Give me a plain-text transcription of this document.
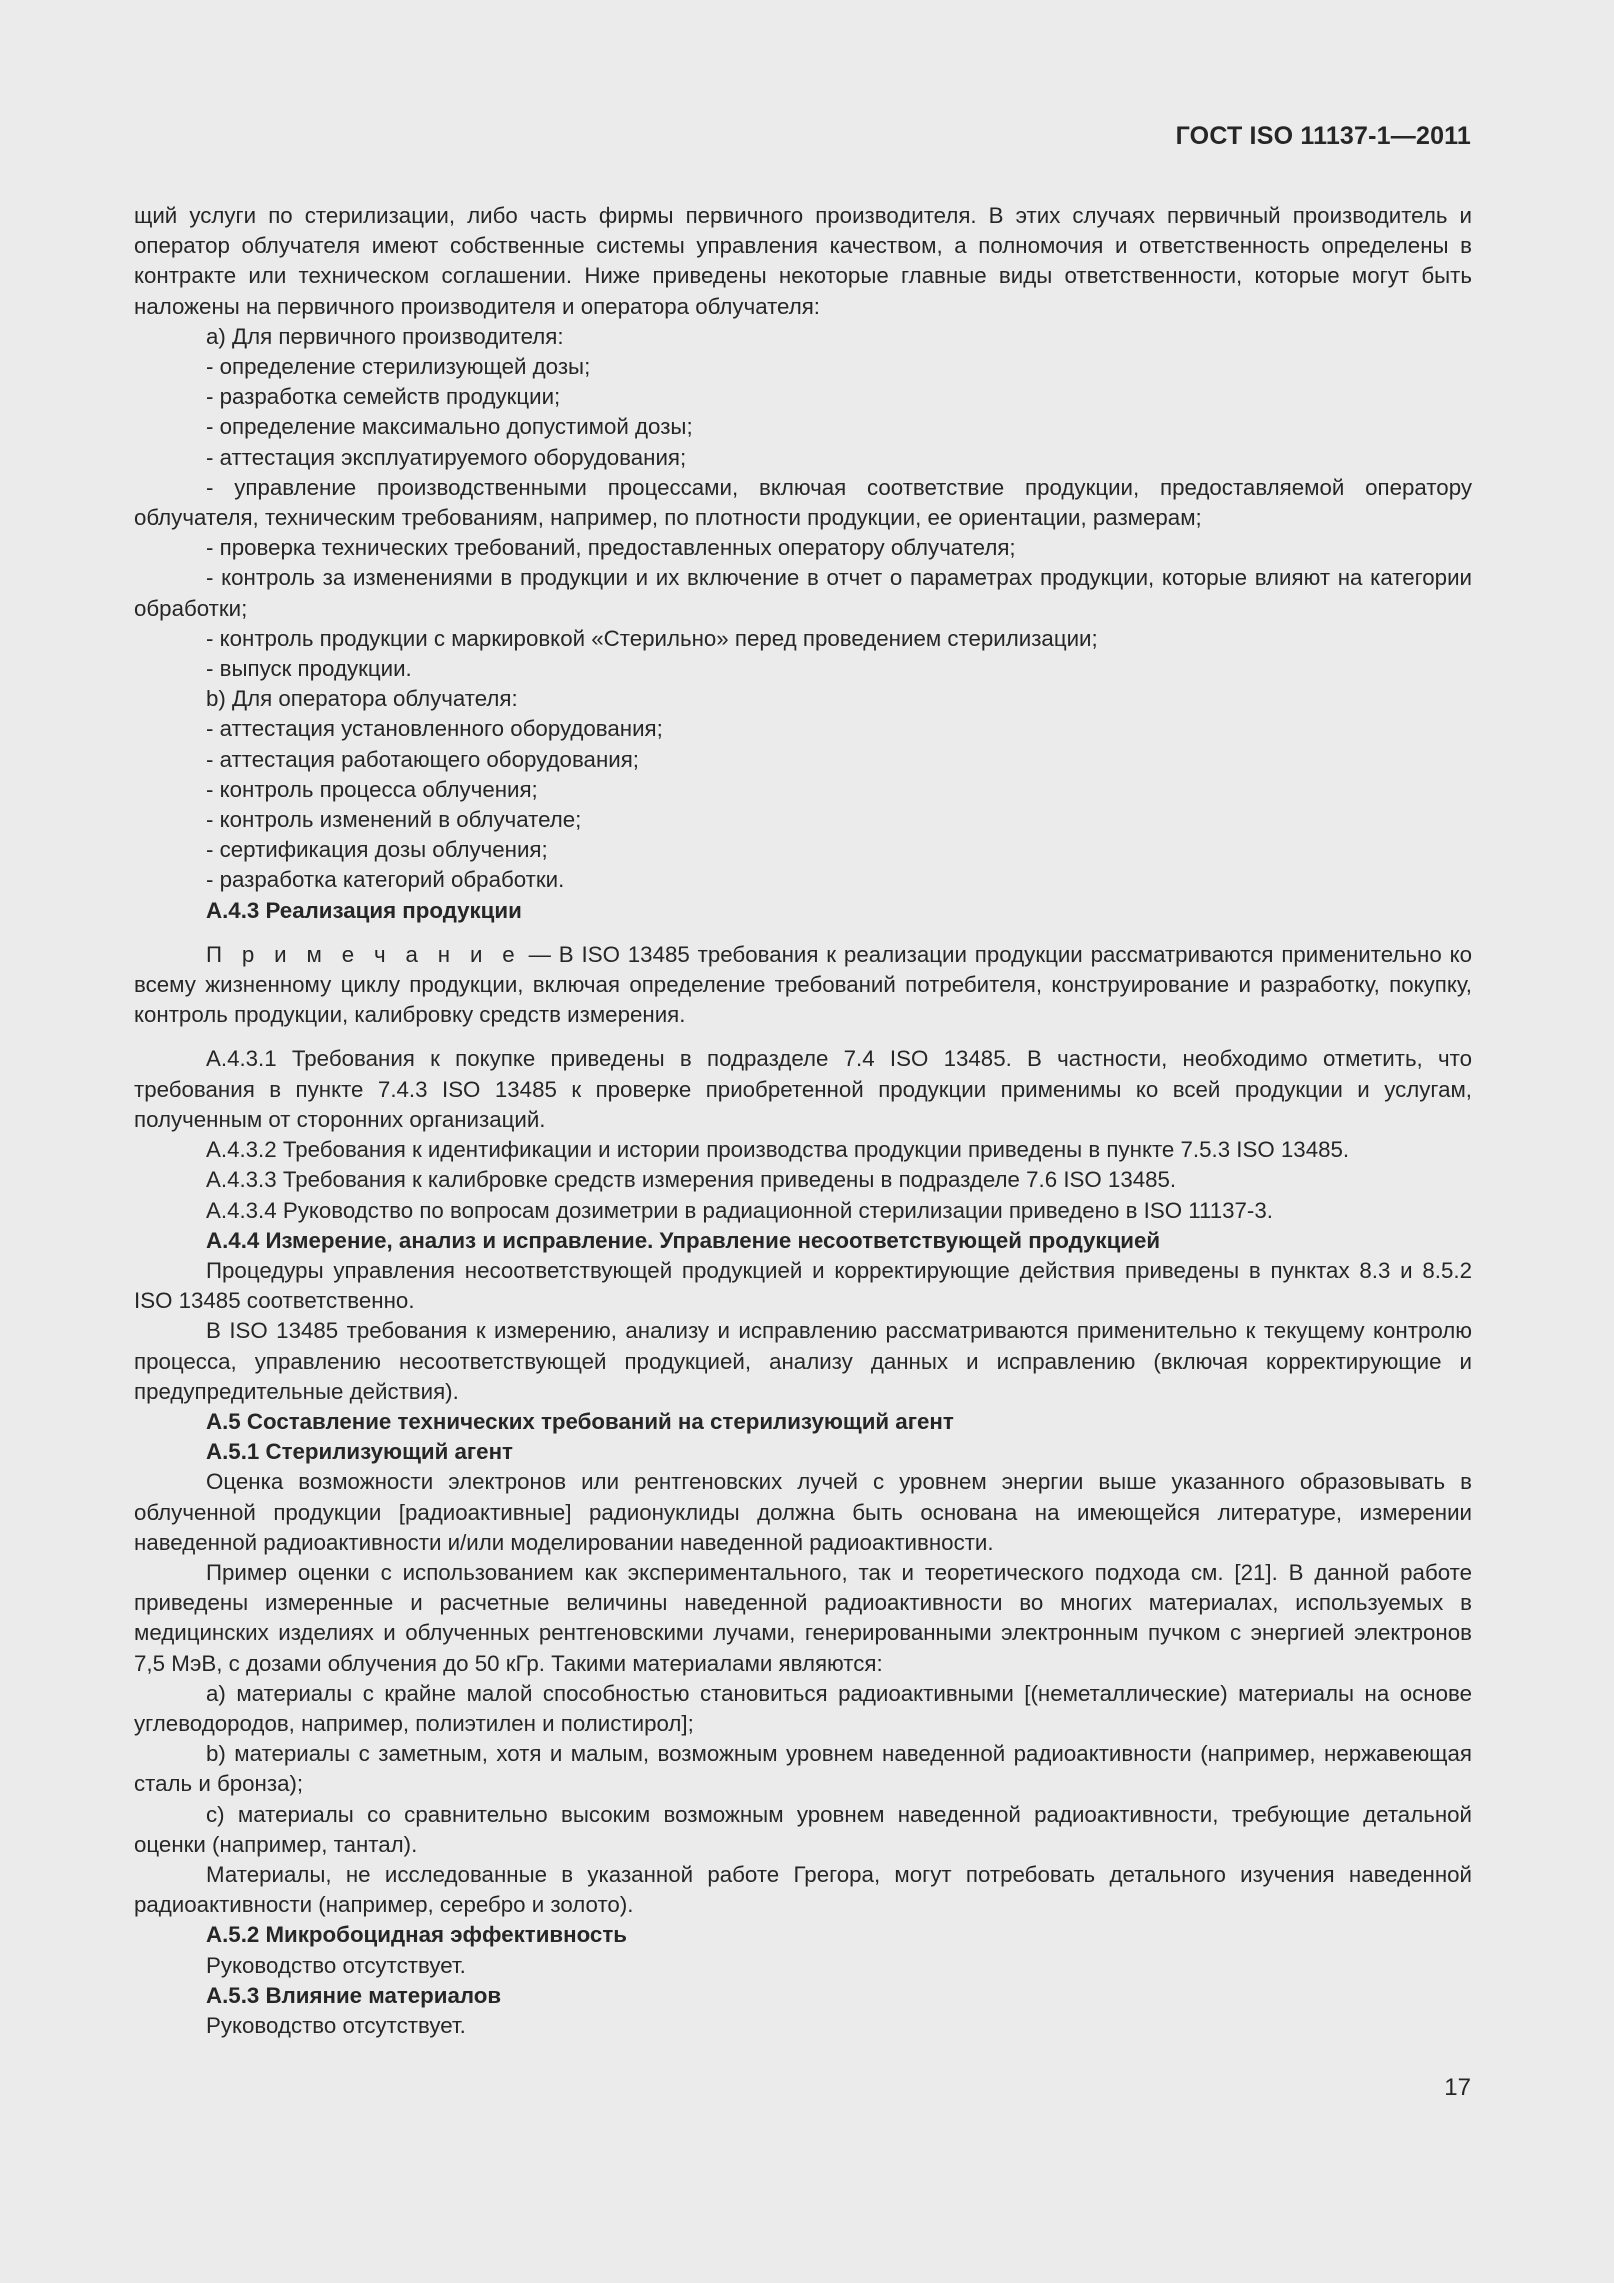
ГОСТ ISO 11137-1—2011

щий услуги по стерилизации, либо часть фирмы первичного производителя. В этих случаях первичный производитель и оператор облучателя имеют собственные системы управления качеством, а полномочия и ответственность определены в контракте или техническом соглашении. Ниже приведены некоторые главные виды ответственности, которые могут быть наложены на первичного производителя и оператора облучателя:

a) Для первичного производителя:

- определение стерилизующей дозы;

- разработка семейств продукции;

- определение максимально допустимой дозы;

- аттестация эксплуатируемого оборудования;

- управление производственными процессами, включая соответствие продукции, предоставляемой оператору облучателя, техническим требованиям, например, по плотности продукции, ее ориентации, размерам;

- проверка технических требований, предоставленных оператору облучателя;

- контроль за изменениями в продукции и их включение в отчет о параметрах продукции, которые влияют на категории обработки;

- контроль продукции с маркировкой «Стерильно» перед проведением стерилизации;

- выпуск продукции.

b) Для оператора облучателя:

- аттестация установленного оборудования;

- аттестация работающего оборудования;

- контроль процесса облучения;

- контроль изменений в облучателе;

- сертификация дозы облучения;

- разработка категорий обработки.

А.4.3 Реализация продукции

П р и м е ч а н и е — В ISO 13485 требования к реализации продукции рассматриваются применительно ко всему жизненному циклу продукции, включая определение требований потребителя, конструирование и разработку, покупку, контроль продукции, калибровку средств измерения.

А.4.3.1 Требования к покупке приведены в подразделе 7.4 ISO 13485. В частности, необходимо отметить, что требования в пункте 7.4.3 ISO 13485 к проверке приобретенной продукции применимы ко всей продукции и услугам, полученным от сторонних организаций.

А.4.3.2 Требования к идентификации и истории производства продукции приведены в пункте 7.5.3 ISO 13485.

А.4.3.3 Требования к калибровке средств измерения приведены в подразделе 7.6 ISO 13485.

А.4.3.4 Руководство по вопросам дозиметрии в радиационной стерилизации приведено в ISO 11137-3.

А.4.4 Измерение, анализ и исправление. Управление несоответствующей продукцией

Процедуры управления несоответствующей продукцией и корректирующие действия приведены в пунктах 8.3 и 8.5.2 ISO 13485 соответственно.

В ISO 13485 требования к измерению, анализу и исправлению рассматриваются применительно к текущему контролю процесса, управлению несоответствующей продукцией, анализу данных и исправлению (включая корректирующие и предупредительные действия).

А.5 Составление технических требований на стерилизующий агент

А.5.1 Стерилизующий агент

Оценка возможности электронов или рентгеновских лучей с уровнем энергии выше указанного образовывать в облученной продукции [радиоактивные] радионуклиды должна быть основана на имеющейся литературе, измерении наведенной радиоактивности и/или моделировании наведенной радиоактивности.

Пример оценки с использованием как экспериментального, так и теоретического подхода см. [21]. В данной работе приведены измеренные и расчетные величины наведенной радиоактивности во многих материалах, используемых в медицинских изделиях и облученных рентгеновскими лучами, генерированными электронным пучком с энергией электронов 7,5 МэВ, с дозами облучения до 50 кГр. Такими материалами являются:

а) материалы с крайне малой способностью становиться радиоактивными [(неметаллические) материалы на основе углеводородов, например, полиэтилен и полистирол];

b) материалы с заметным, хотя и малым, возможным уровнем наведенной радиоактивности (например, нержавеющая сталь и бронза);

с) материалы со сравнительно высоким возможным уровнем наведенной радиоактивности, требующие детальной оценки (например, тантал).

Материалы, не исследованные в указанной работе Грегора, могут потребовать детального изучения наведенной радиоактивности (например, серебро и золото).

А.5.2 Микробоцидная эффективность

Руководство отсутствует.

А.5.3 Влияние материалов

Руководство отсутствует.

17
